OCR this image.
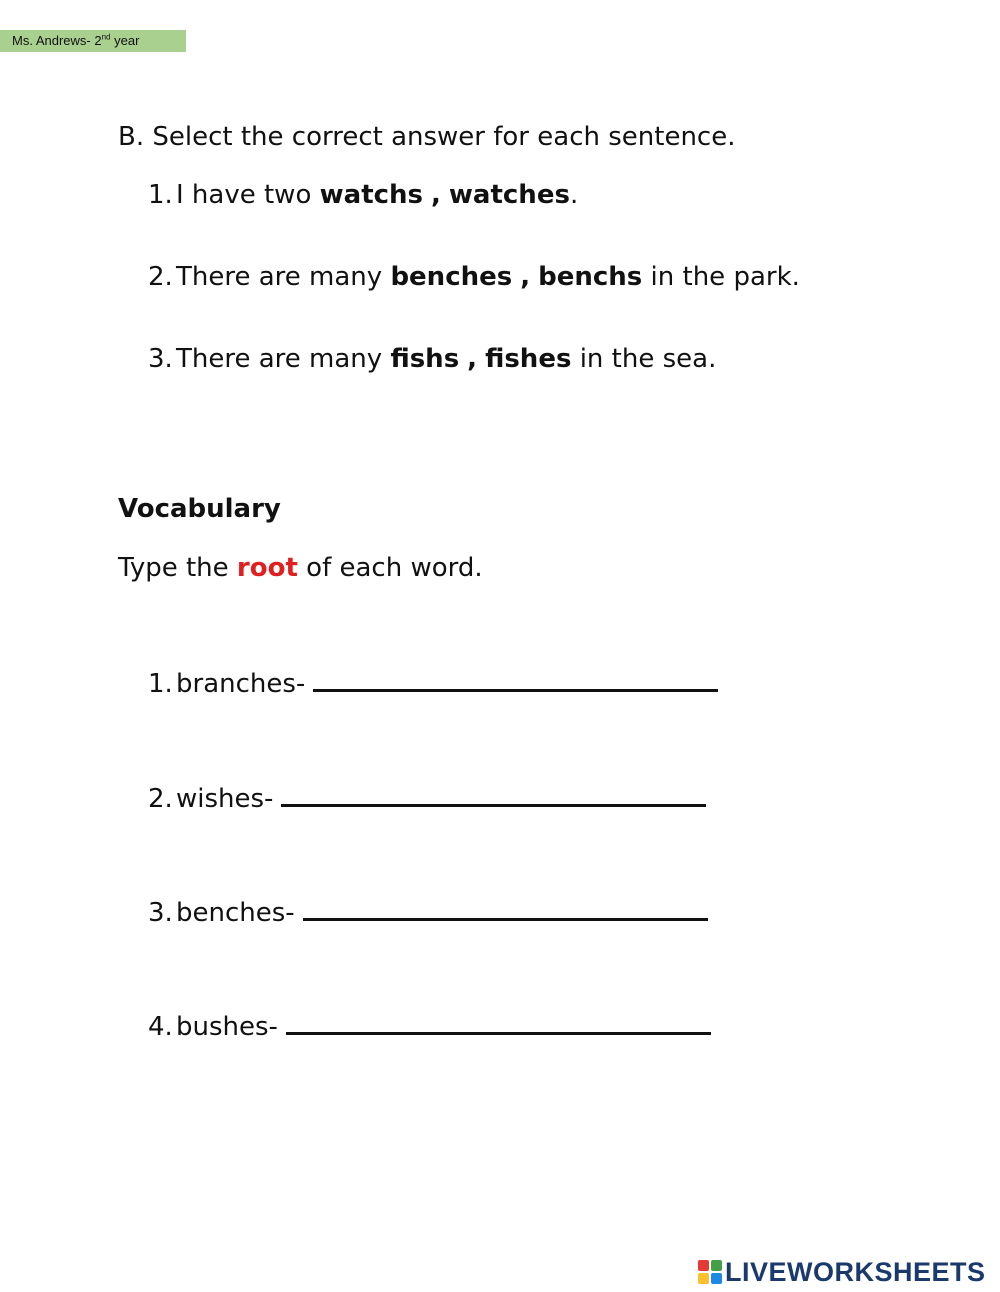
Ms. Andrews- 2nd year
B. Select the correct answer for each sentence.
1. I have two watchs , watches.
2. There are many benches , benchs in the park.
3. There are many fishs , fishes in the sea.
Vocabulary
Type the root of each word.
1. branches-
2. wishes-
3. benches-
4. bushes-
LIVEWORKSHEETS
